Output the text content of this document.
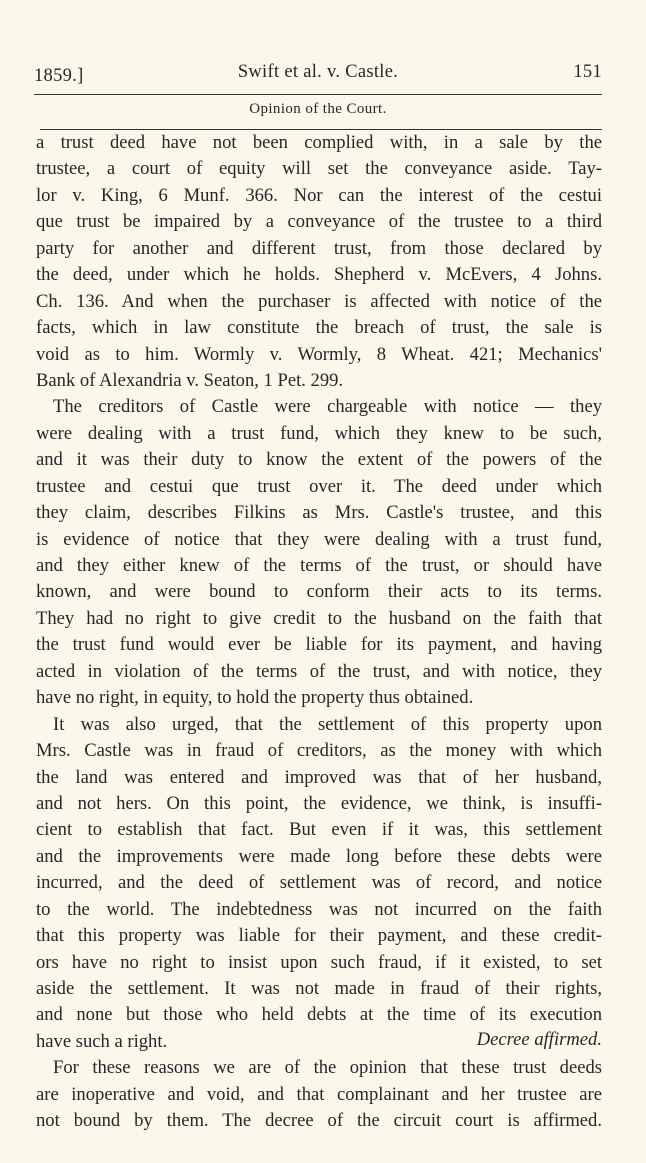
1859.]	Swift et al. v. Castle.	151
Opinion of the Court.
a trust deed have not been complied with, in a sale by the
trustee, a court of equity will set the conveyance aside. Tay-
lor v. King, 6 Munf. 366. Nor can the interest of the cestui
que trust be impaired by a conveyance of the trustee to a third
party for another and different trust, from those declared by
the deed, under which he holds. Shepherd v. McEvers, 4 Johns.
Ch. 136. And when the purchaser is affected with notice of the
facts, which in law constitute the breach of trust, the sale is
void as to him. Wormly v. Wormly, 8 Wheat. 421; Mechanics'
Bank of Alexandria v. Seaton, 1 Pet. 299.
The creditors of Castle were chargeable with notice — they
were dealing with a trust fund, which they knew to be such,
and it was their duty to know the extent of the powers of the
trustee and cestui que trust over it. The deed under which
they claim, describes Filkins as Mrs. Castle's trustee, and this
is evidence of notice that they were dealing with a trust fund,
and they either knew of the terms of the trust, or should have
known, and were bound to conform their acts to its terms.
They had no right to give credit to the husband on the faith that
the trust fund would ever be liable for its payment, and having
acted in violation of the terms of the trust, and with notice, they
have no right, in equity, to hold the property thus obtained.
It was also urged, that the settlement of this property upon
Mrs. Castle was in fraud of creditors, as the money with which
the land was entered and improved was that of her husband,
and not hers. On this point, the evidence, we think, is insuffi-
cient to establish that fact. But even if it was, this settlement
and the improvements were made long before these debts were
incurred, and the deed of settlement was of record, and notice
to the world. The indebtedness was not incurred on the faith
that this property was liable for their payment, and these credit-
ors have no right to insist upon such fraud, if it existed, to set
aside the settlement. It was not made in fraud of their rights,
and none but those who held debts at the time of its execution
have such a right.
For these reasons we are of the opinion that these trust deeds
are inoperative and void, and that complainant and her trustee are
not bound by them. The decree of the circuit court is affirmed.
Decree affirmed.
